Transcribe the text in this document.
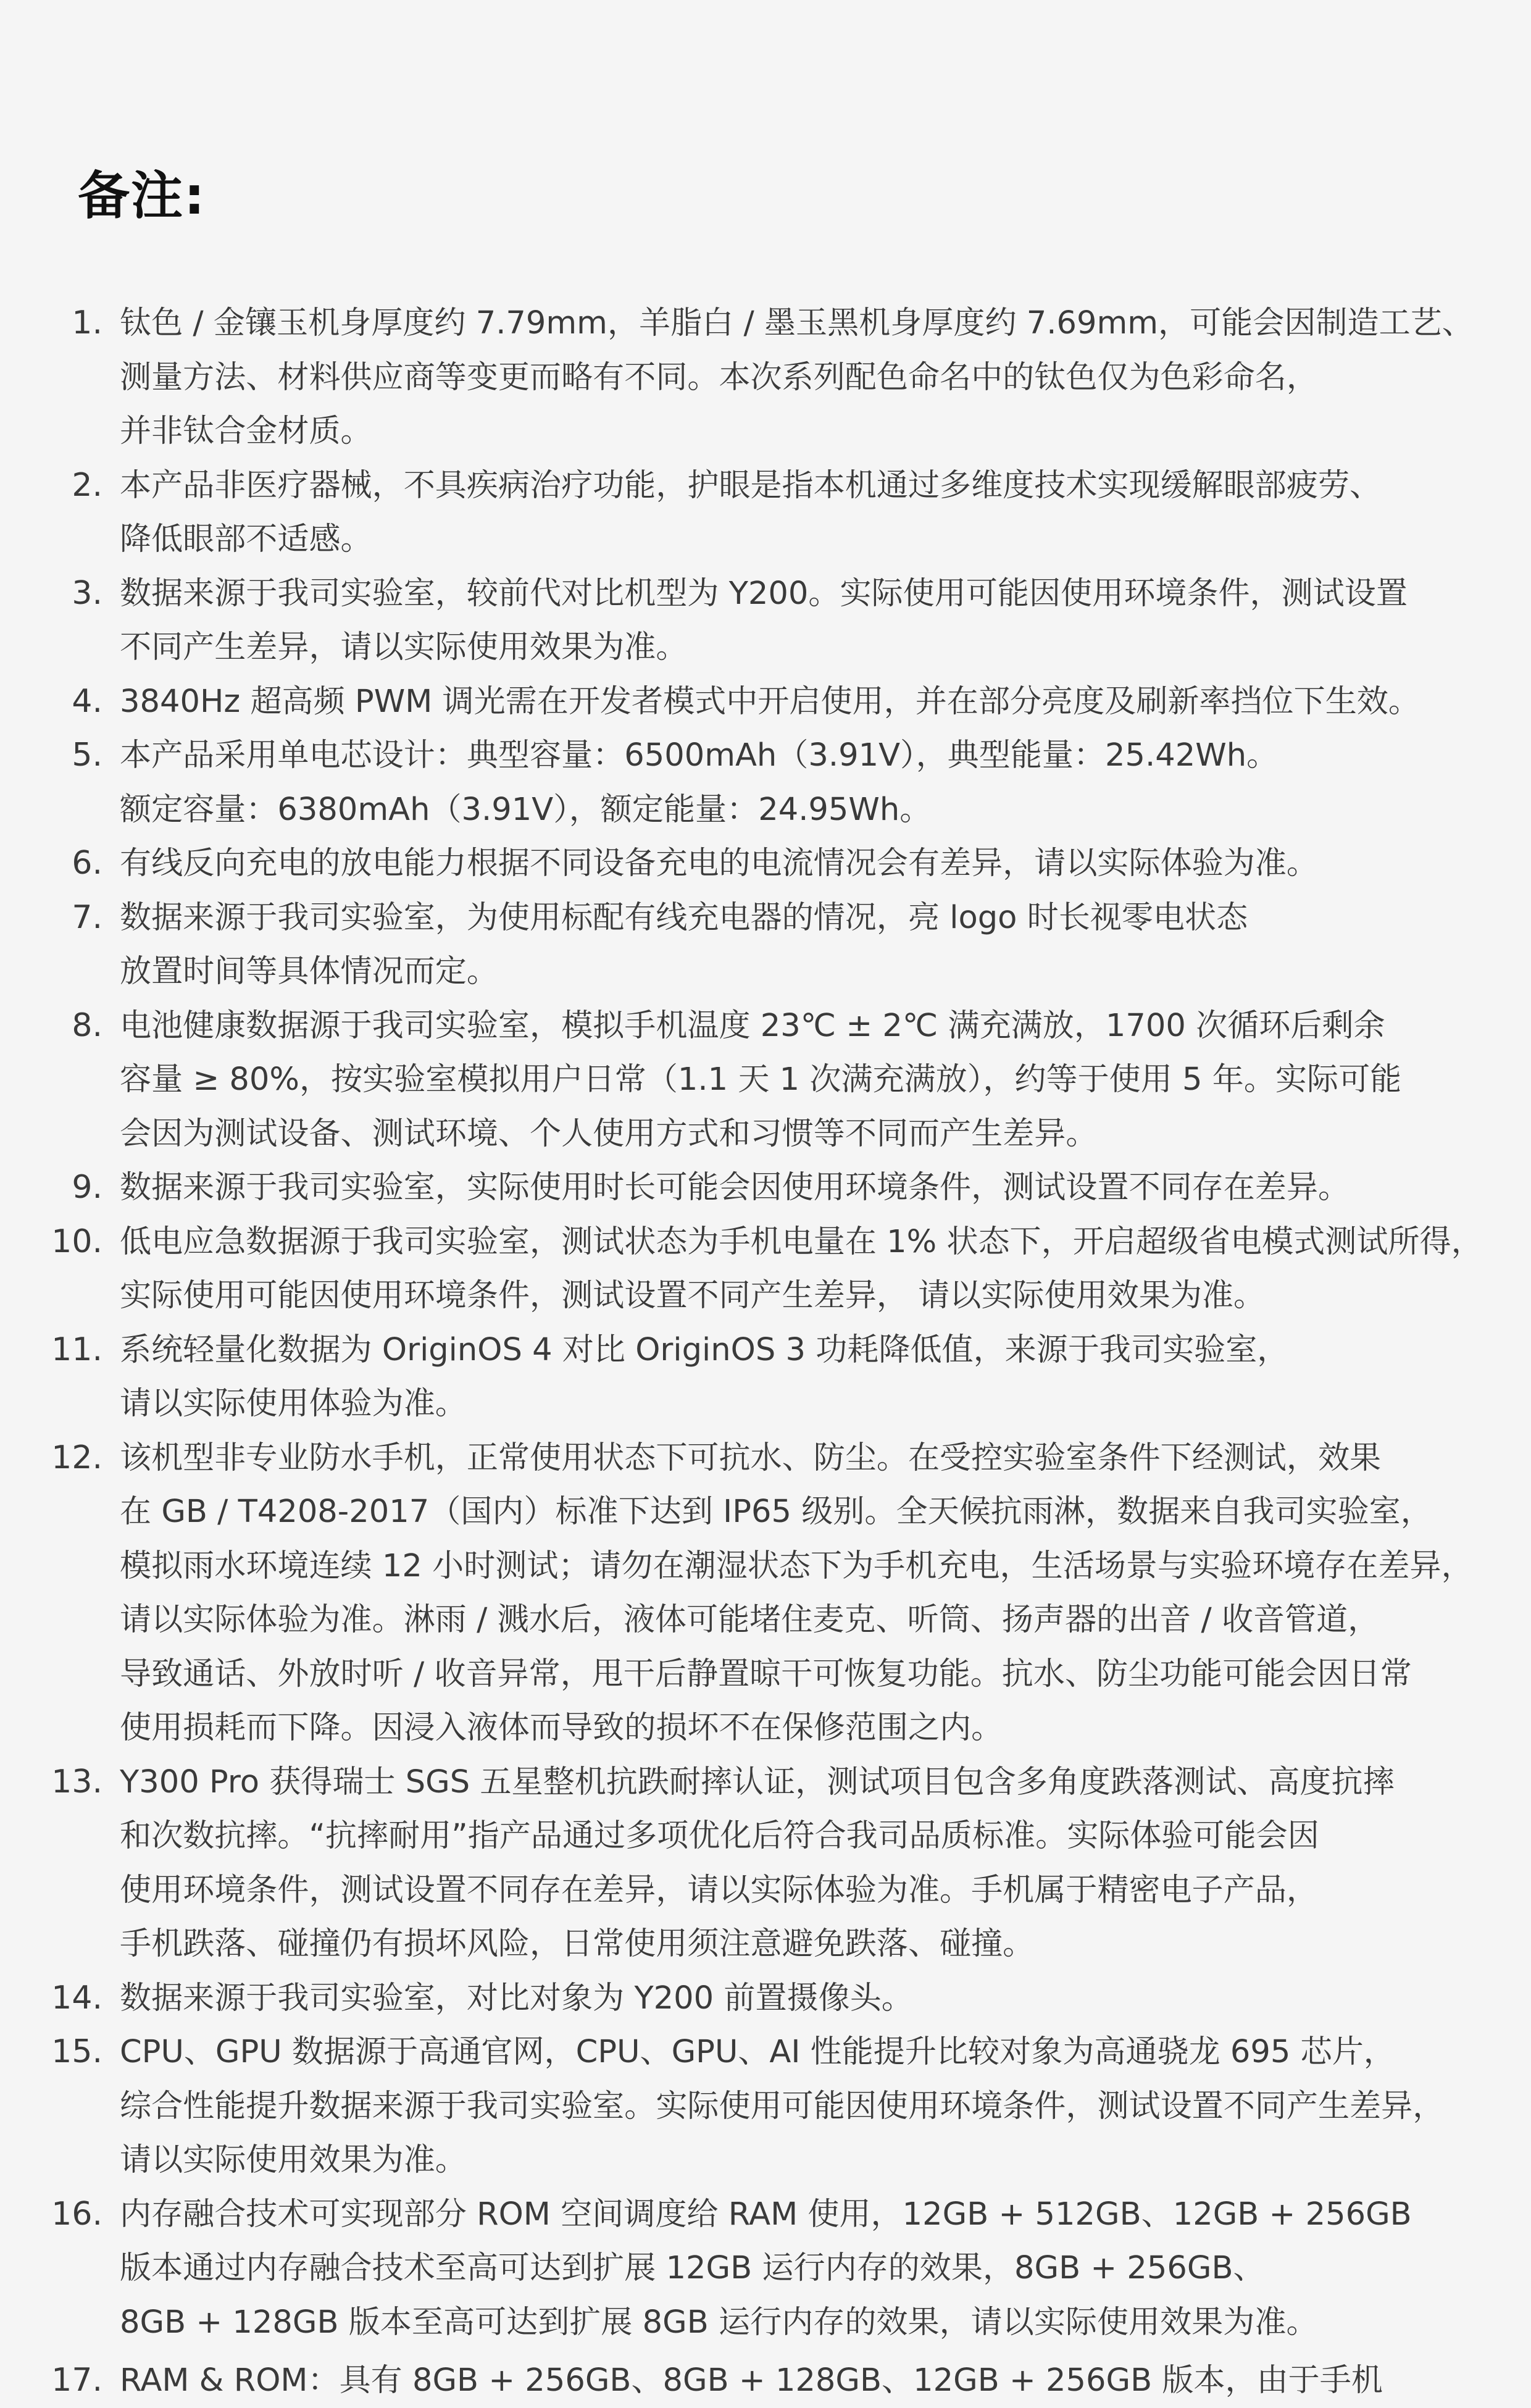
备注:
1. 钛色 / 金镶玉机身厚度约 7.79mm，羊脂白 / 墨玉黑机身厚度约 7.69mm，可能会因制造工艺、
测量方法、材料供应商等变更而略有不同。本次系列配色命名中的钛色仅为色彩命名，
并非钛合金材质。
2. 本产品非医疗器械，不具疾病治疗功能，护眼是指本机通过多维度技术实现缓解眼部疲劳、
降低眼部不适感。
3. 数据来源于我司实验室，较前代对比机型为 Y200。实际使用可能因使用环境条件，测试设置
不同产生差异，请以实际使用效果为准。
4. 3840Hz 超高频 PWM 调光需在开发者模式中开启使用，并在部分亮度及刷新率挡位下生效。
5. 本产品采用单电芯设计：典型容量：6500mAh（3.91V），典型能量：25.42Wh。
额定容量：6380mAh（3.91V），额定能量：24.95Wh。
6. 有线反向充电的放电能力根据不同设备充电的电流情况会有差异，请以实际体验为准。
7. 数据来源于我司实验室，为使用标配有线充电器的情况，亮 logo 时长视零电状态
放置时间等具体情况而定。
8. 电池健康数据源于我司实验室，模拟手机温度 23℃ ± 2℃ 满充满放，1700 次循环后剩余
容量 ≥ 80%，按实验室模拟用户日常（1.1 天 1 次满充满放），约等于使用 5 年。实际可能
会因为测试设备、测试环境、个人使用方式和习惯等不同而产生差异。
9. 数据来源于我司实验室，实际使用时长可能会因使用环境条件，测试设置不同存在差异。
10. 低电应急数据源于我司实验室，测试状态为手机电量在 1% 状态下，开启超级省电模式测试所得，
实际使用可能因使用环境条件，测试设置不同产生差异， 请以实际使用效果为准。
11. 系统轻量化数据为 OriginOS 4 对比 OriginOS 3 功耗降低值，来源于我司实验室，
请以实际使用体验为准。
12. 该机型非专业防水手机，正常使用状态下可抗水、防尘。在受控实验室条件下经测试，效果
在 GB / T4208-2017（国内）标准下达到 IP65 级别。全天候抗雨淋，数据来自我司实验室，
模拟雨水环境连续 12 小时测试；请勿在潮湿状态下为手机充电，生活场景与实验环境存在差异，
请以实际体验为准。淋雨 / 溅水后，液体可能堵住麦克、听筒、扬声器的出音 / 收音管道，
导致通话、外放时听 / 收音异常，甩干后静置晾干可恢复功能。抗水、防尘功能可能会因日常
使用损耗而下降。因浸入液体而导致的损坏不在保修范围之内。
13. Y300 Pro 获得瑞士 SGS 五星整机抗跌耐摔认证，测试项目包含多角度跌落测试、高度抗摔
和次数抗摔。“抗摔耐用”指产品通过多项优化后符合我司品质标准。实际体验可能会因
使用环境条件，测试设置不同存在差异，请以实际体验为准。手机属于精密电子产品，
手机跌落、碰撞仍有损坏风险，日常使用须注意避免跌落、碰撞。
14. 数据来源于我司实验室，对比对象为 Y200 前置摄像头。
15. CPU、GPU 数据源于高通官网，CPU、GPU、AI 性能提升比较对象为高通骁龙 695 芯片，
综合性能提升数据来源于我司实验室。实际使用可能因使用环境条件，测试设置不同产生差异，
请以实际使用效果为准。
16. 内存融合技术可实现部分 ROM 空间调度给 RAM 使用，12GB + 512GB、12GB + 256GB
版本通过内存融合技术至高可达到扩展 12GB 运行内存的效果，8GB + 256GB、
8GB + 128GB 版本至高可达到扩展 8GB 运行内存的效果，请以实际使用效果为准。
17. RAM & ROM：具有 8GB + 256GB、8GB + 128GB、12GB + 256GB 版本，由于手机
